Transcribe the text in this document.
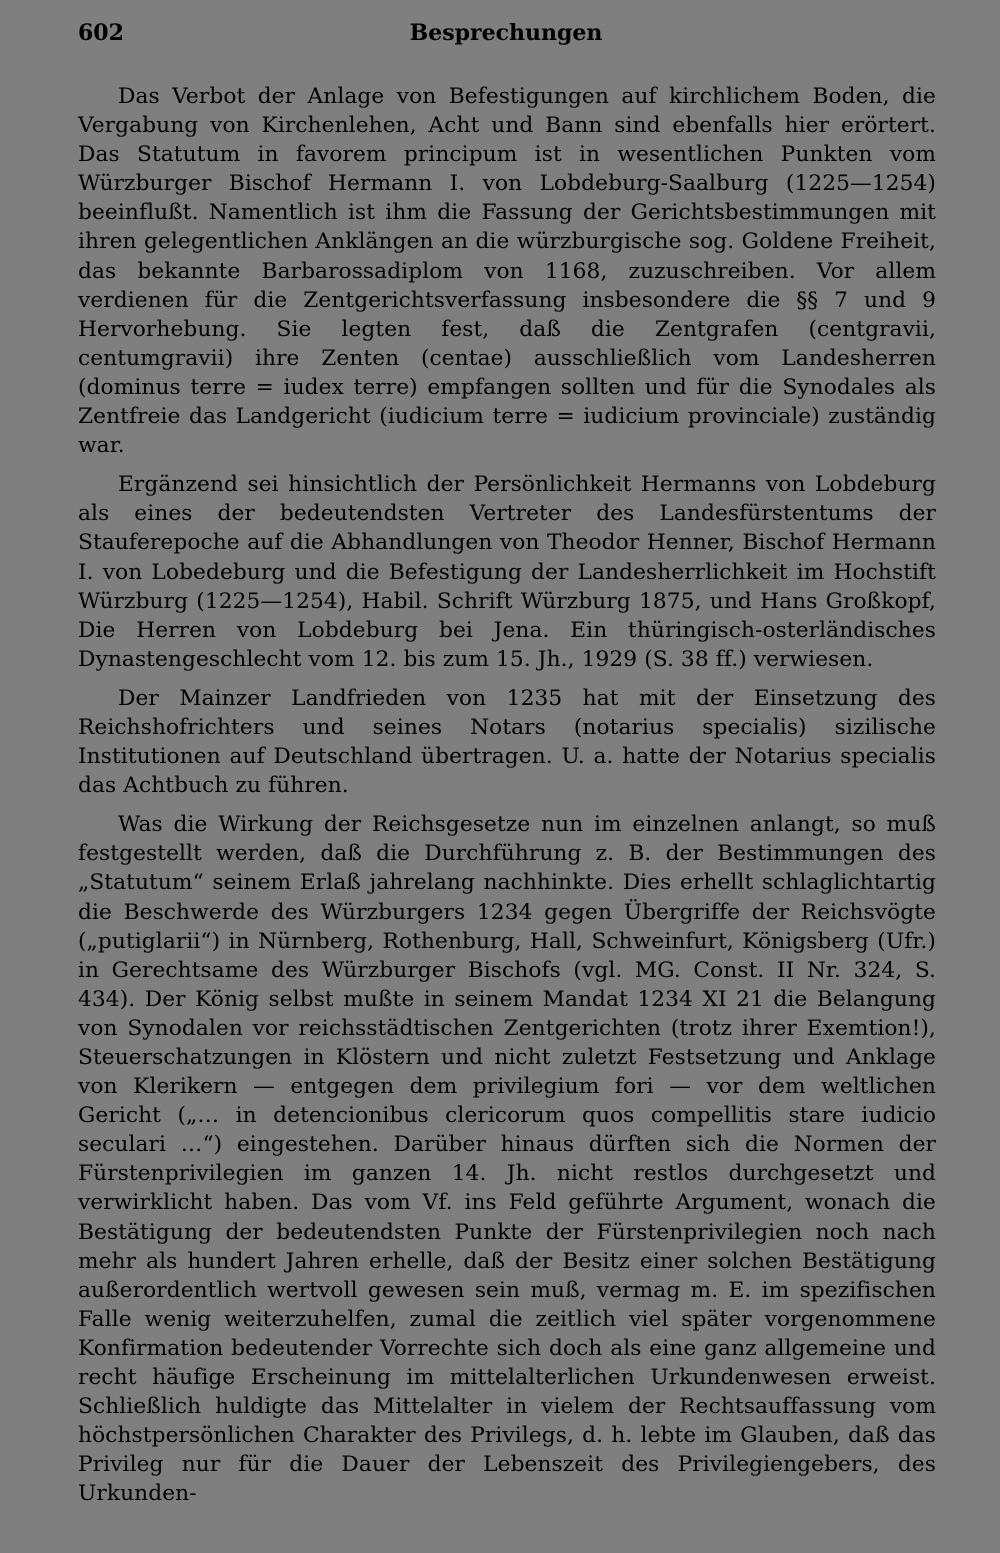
602	Besprechungen

Das Verbot der Anlage von Befestigungen auf kirchlichem Boden, die Vergabung von Kirchenlehen, Acht und Bann sind ebenfalls hier erörtert. Das Statutum in favorem principum ist in wesentlichen Punkten vom Würzburger Bischof Hermann I. von Lobdeburg-Saalburg (1225—1254) beeinflußt. Namentlich ist ihm die Fassung der Gerichtsbestimmungen mit ihren gelegentlichen Anklängen an die würzburgische sog. Goldene Freiheit, das bekannte Barbarossadiplom von 1168, zuzuschreiben. Vor allem verdienen für die Zentgerichtsverfassung insbesondere die §§ 7 und 9 Hervorhebung. Sie legten fest, daß die Zentgrafen (centgravii, centumgravii) ihre Zenten (centae) ausschließlich vom Landesherren (dominus terre = iudex terre) empfangen sollten und für die Synodales als Zentfreie das Landgericht (iudicium terre = iudicium provinciale) zuständig war.

Ergänzend sei hinsichtlich der Persönlichkeit Hermanns von Lobdeburg als eines der bedeutendsten Vertreter des Landesfürstentums der Stauferepoche auf die Abhandlungen von Theodor Henner, Bischof Hermann I. von Lobedeburg und die Befestigung der Landesherrlichkeit im Hochstift Würzburg (1225—1254), Habil. Schrift Würzburg 1875, und Hans Großkopf, Die Herren von Lobdeburg bei Jena. Ein thüringisch-osterländisches Dynastengeschlecht vom 12. bis zum 15. Jh., 1929 (S. 38 ff.) verwiesen.

Der Mainzer Landfrieden von 1235 hat mit der Einsetzung des Reichshofrichters und seines Notars (notarius specialis) sizilische Institutionen auf Deutschland übertragen. U. a. hatte der Notarius specialis das Achtbuch zu führen.

Was die Wirkung der Reichsgesetze nun im einzelnen anlangt, so muß festgestellt werden, daß die Durchführung z. B. der Bestimmungen des „Statutum“ seinem Erlaß jahrelang nachhinkte. Dies erhellt schlaglichtartig die Beschwerde des Würzburgers 1234 gegen Übergriffe der Reichsvögte („putiglarii“) in Nürnberg, Rothenburg, Hall, Schweinfurt, Königsberg (Ufr.) in Gerechtsame des Würzburger Bischofs (vgl. MG. Const. II Nr. 324, S. 434). Der König selbst mußte in seinem Mandat 1234 XI 21 die Belangung von Synodalen vor reichsstädtischen Zentgerichten (trotz ihrer Exemtion!), Steuerschatzungen in Klöstern und nicht zuletzt Festsetzung und Anklage von Klerikern — entgegen dem privilegium fori — vor dem weltlichen Gericht („… in detencionibus clericorum quos compellitis stare iudicio seculari …“) eingestehen. Darüber hinaus dürften sich die Normen der Fürstenprivilegien im ganzen 14. Jh. nicht restlos durchgesetzt und verwirklicht haben. Das vom Vf. ins Feld geführte Argument, wonach die Bestätigung der bedeutendsten Punkte der Fürstenprivilegien noch nach mehr als hundert Jahren erhelle, daß der Besitz einer solchen Bestätigung außerordentlich wertvoll gewesen sein muß, vermag m. E. im spezifischen Falle wenig weiterzuhelfen, zumal die zeitlich viel später vorgenommene Konfirmation bedeutender Vorrechte sich doch als eine ganz allgemeine und recht häufige Erscheinung im mittelalterlichen Urkundenwesen erweist. Schließlich huldigte das Mittelalter in vielem der Rechtsauffassung vom höchstpersönlichen Charakter des Privilegs, d. h. lebte im Glauben, daß das Privileg nur für die Dauer der Lebenszeit des Privilegiengebers, des Urkunden-
